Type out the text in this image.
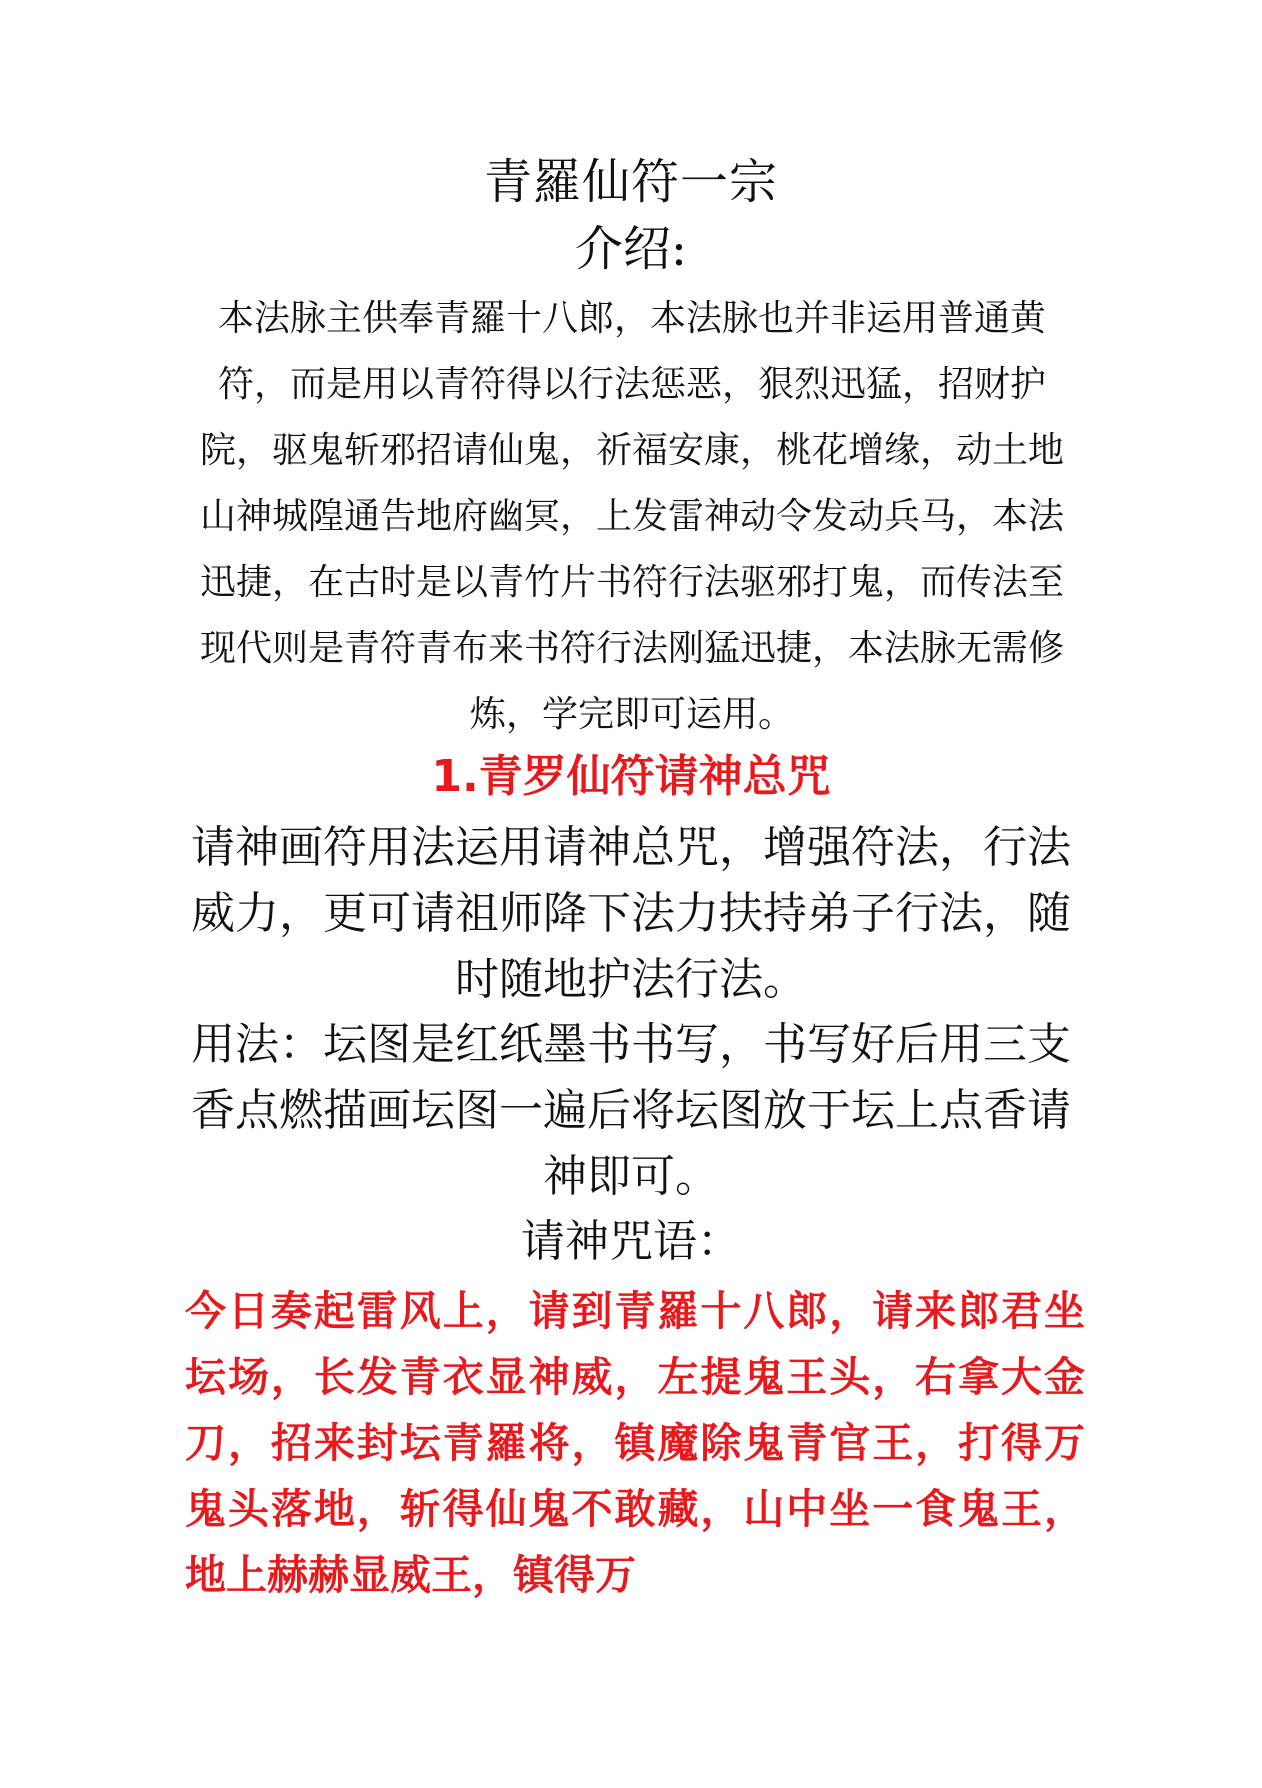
青羅仙符一宗
介绍:
本法脉主供奉青羅十八郎，本法脉也并非运用普通黄符，而是用以青符得以行法惩恶，狠烈迅猛，招财护院，驱鬼斩邪招请仙鬼，祈福安康，桃花增缘，动土地山神城隍通告地府幽冥，上发雷神动令发动兵马，本法迅捷，在古时是以青竹片书符行法驱邪打鬼，而传法至现代则是青符青布来书符行法刚猛迅捷，本法脉无需修炼，学完即可运用。
1.青罗仙符请神总咒
请神画符用法运用请神总咒，增强符法，行法威力，更可请祖师降下法力扶持弟子行法，随时随地护法行法。
用法：坛图是红纸墨书书写，书写好后用三支香点燃描画坛图一遍后将坛图放于坛上点香请神即可。
请神咒语：
今日奏起雷风上，请到青羅十八郎，请来郎君坐坛场，长发青衣显神威，左提鬼王头，右拿大金刀，招来封坛青羅将，镇魔除鬼青官王，打得万鬼头落地，斩得仙鬼不敢藏，山中坐一食鬼王，地上赫赫显威王，镇得万
